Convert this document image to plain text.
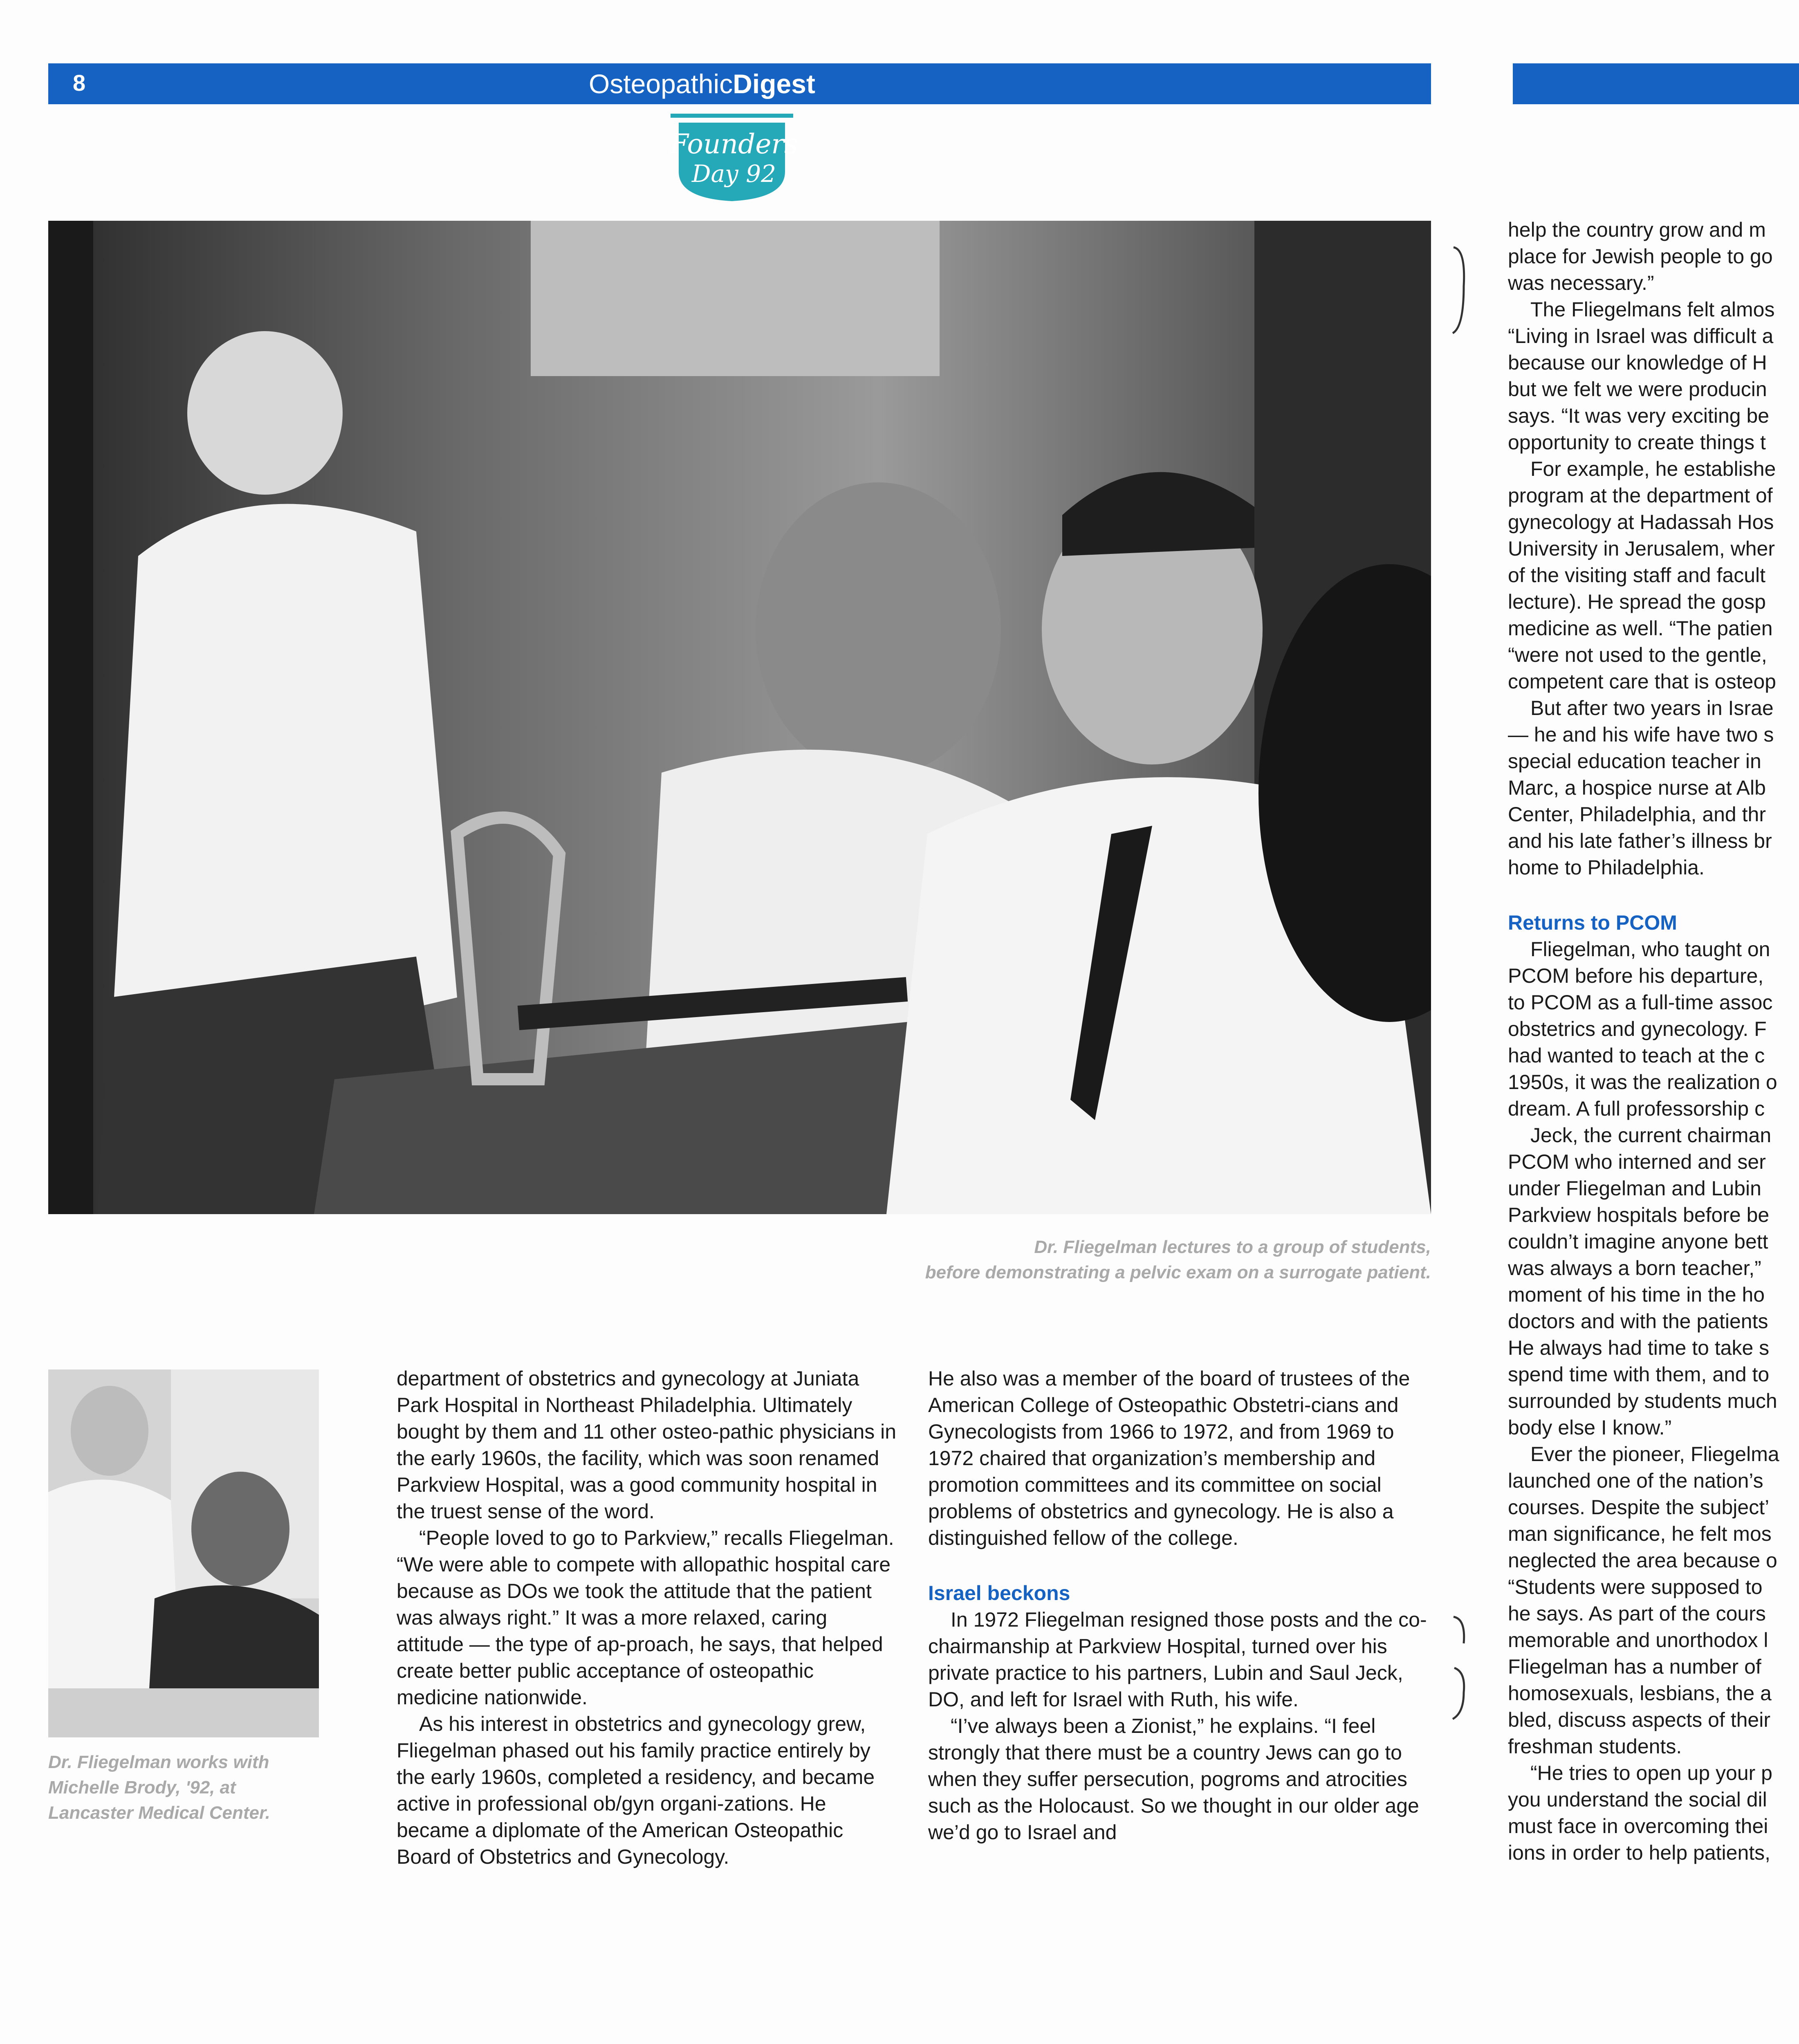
8	OsteopathicDigest
Founders
Day 92
Dr. Fliegelman lectures to a group of students,
before demonstrating a pelvic exam on a surrogate patient.
Dr. Fliegelman works with
Michelle Brody, '92, at
Lancaster Medical Center.

department of obstetrics and gynecology at Juniata Park Hospital in Northeast Philadelphia. Ultimately bought by them and 11 other osteo-pathic physicians in the early 1960s, the facility, which was soon renamed Parkview Hospital, was a good community hospital in the truest sense of the word.

“People loved to go to Parkview,” recalls Fliegelman. “We were able to compete with allopathic hospital care because as DOs we took the attitude that the patient was always right.” It was a more relaxed, caring attitude — the type of ap-proach, he says, that helped create better public acceptance of osteopathic medicine nationwide.

As his interest in obstetrics and gynecology grew, Fliegelman phased out his family practice entirely by the early 1960s, completed a residency, and became active in professional ob/gyn organi-zations. He became a diplomate of the American Osteopathic Board of Obstetrics and Gynecology.

He also was a member of the board of trustees of the American College of Osteopathic Obstetri-cians and Gynecologists from 1966 to 1972, and from 1969 to 1972 chaired that organization’s membership and promotion committees and its committee on social problems of obstetrics and gynecology. He is also a distinguished fellow of the college.

Israel beckons

In 1972 Fliegelman resigned those posts and the co-chairmanship at Parkview Hospital, turned over his private practice to his partners, Lubin and Saul Jeck, DO, and left for Israel with Ruth, his wife.

“I’ve always been a Zionist,” he explains. “I feel strongly that there must be a country Jews can go to when they suffer persecution, pogroms and atrocities such as the Holocaust. So we thought in our older age we’d go to Israel and

help the country grow and m
place for Jewish people to go
was necessary.”
The Fliegelmans felt almos
“Living in Israel was difficult a
because our knowledge of H
but we felt we were producin
says. “It was very exciting be
opportunity to create things t
For example, he establishe
program at the department of
gynecology at Hadassah Hos
University in Jerusalem, wher
of the visiting staff and facult
lecture). He spread the gosp
medicine as well. “The patien
“were not used to the gentle,
competent care that is osteop
But after two years in Israe
— he and his wife have two s
special education teacher in
Marc, a hospice nurse at Alb
Center, Philadelphia, and thr
and his late father’s illness br
home to Philadelphia.
Returns to PCOM
Fliegelman, who taught on
PCOM before his departure,
to PCOM as a full-time assoc
obstetrics and gynecology. F
had wanted to teach at the c
1950s, it was the realization o
dream. A full professorship c
Jeck, the current chairman
PCOM who interned and ser
under Fliegelman and Lubin
Parkview hospitals before be
couldn’t imagine anyone bett
was always a born teacher,”
moment of his time in the ho
doctors and with the patients
He always had time to take s
spend time with them, and to
surrounded by students much
body else I know.”
Ever the pioneer, Fliegelma
launched one of the nation’s
courses. Despite the subject’
man significance, he felt mos
neglected the area because o
“Students were supposed to
he says. As part of the cours
memorable and unorthodox l
Fliegelman has a number of
homosexuals, lesbians, the a
bled, discuss aspects of their
freshman students.
“He tries to open up your p
you understand the social dil
must face in overcoming thei
ions in order to help patients,
